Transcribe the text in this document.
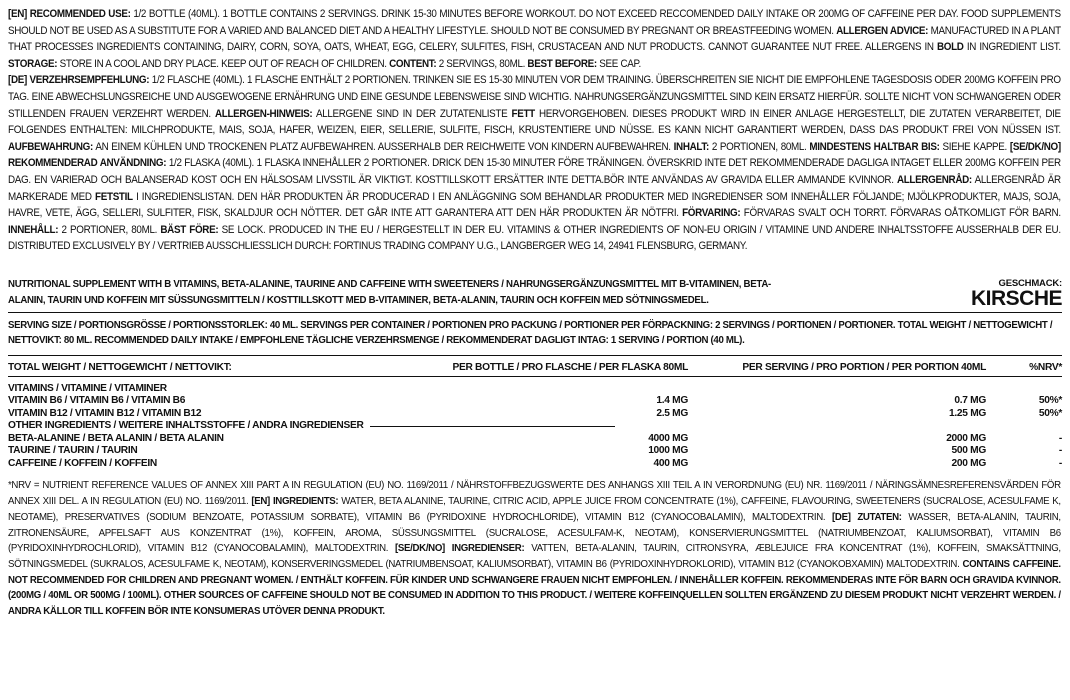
[EN] RECOMMENDED USE: 1/2 BOTTLE (40ML). 1 BOTTLE CONTAINS 2 SERVINGS. DRINK 15-30 MINUTES BEFORE WORKOUT. DO NOT EXCEED RECCOMENDED DAILY INTAKE OR 200MG OF CAFFEINE PER DAY. FOOD SUPPLEMENTS SHOULD NOT BE USED AS A SUBSTITUTE FOR A VARIED AND BALANCED DIET AND A HEALTHY LIFESTYLE. SHOULD NOT BE CONSUMED BY PREGNANT OR BREASTFEEDING WOMEN. ALLERGEN ADVICE: MANUFACTURED IN A PLANT THAT PROCESSES INGREDIENTS CONTAINING, DAIRY, CORN, SOYA, OATS, WHEAT, EGG, CELERY, SULFITES, FISH, CRUSTACEAN AND NUT PRODUCTS. CANNOT GUARANTEE NUT FREE. ALLERGENS IN BOLD IN INGREDIENT LIST. STORAGE: STORE IN A COOL AND DRY PLACE. KEEP OUT OF REACH OF CHILDREN. CONTENT: 2 SERVINGS, 80ML. BEST BEFORE: SEE CAP.
[DE] VERZEHRSEMPFEHLUNG: 1/2 FLASCHE (40ML). 1 FLASCHE ENTHÄLT 2 PORTIONEN. TRINKEN SIE ES 15-30 MINUTEN VOR DEM TRAINING. ÜBERSCHREITEN SIE NICHT DIE EMPFOHLENE TAGESDOSIS ODER 200MG KOFFEIN PRO TAG. EINE ABWECHSLUNGSREICHE UND AUSGEWOGENE ERNÄHRUNG UND EINE GESUNDE LEBENSWEISE SIND WICHTIG. NAHRUNGSERGÄNZUNGSMITTEL SIND KEIN ERSATZ HIERFÜR. SOLLTE NICHT VON SCHWANGEREN ODER STILLENDEN FRAUEN VERZEHRT WERDEN. ALLERGEN-HINWEIS: ALLERGENE SIND IN DER ZUTATENLISTE FETT HERVORGEHOBEN. DIESES PRODUKT WIRD IN EINER ANLAGE HERGESTELLT, DIE ZUTATEN VERARBEITET, DIE FOLGENDES ENTHALTEN: MILCHPRODUKTE, MAIS, SOJA, HAFER, WEIZEN, EIER, SELLERIE, SULFITE, FISCH, KRUSTENTIERE UND NÜSSE. ES KANN NICHT GARANTIERT WERDEN, DASS DAS PRODUKT FREI VON NÜSSEN IST. AUFBEWAHRUNG: AN EINEM KÜHLEN UND TROCKENEN PLATZ AUFBEWAHREN. AUSSERHALB DER REICHWEITE VON KINDERN AUFBEWAHREN. INHALT: 2 PORTIONEN, 80ML. MINDESTENS HALTBAR BIS: SIEHE KAPPE. [SE/DK/NO] REKOMMENDERAD ANVÄNDNING: 1/2 FLASKA (40ML). 1 FLASKA INNEHÅLLER 2 PORTIONER. DRICK DEN 15-30 MINUTER FÖRE TRÄNINGEN. ÖVERSKRID INTE DET REKOMMENDERADE DAGLIGA INTAGET ELLER 200MG KOFFEIN PER DAG. EN VARIERAD OCH BALANSERAD KOST OCH EN HÄLSOSAM LIVSSTIL ÄR VIKTIGT. KOSTTILLSKOTT ERSÄTTER INTE DETTA.BÖR INTE ANVÄNDAS AV GRAVIDA ELLER AMMANDE KVINNOR. ALLERGENRÅD: ALLERGENRÅD ÄR MARKERADE MED FETSTIL I INGREDIENSLISTAN. DEN HÄR PRODUKTEN ÄR PRODUCERAD I EN ANLÄGGNING SOM BEHANDLAR PRODUKTER MED INGREDIENSER SOM INNEHÅLLER FÖLJANDE; MJÖLKPRODUKTER, MAJS, SOJA, HAVRE, VETE, ÄGG, SELLERI, SULFITER, FISK, SKALDJUR OCH NÖTTER. DET GÅR INTE ATT GARANTERA ATT DEN HÄR PRODUKTEN ÄR NÖTFRI. FÖRVARING: FÖRVARAS SVALT OCH TORRT. FÖRVARAS OÅTKOMLIGT FÖR BARN. INNEHÅLL: 2 PORTIONER, 80ML. BÄST FÖRE: SE LOCK. PRODUCED IN THE EU / HERGESTELLT IN DER EU. VITAMINS & OTHER INGREDIENTS OF NON-EU ORIGIN / VITAMINE UND ANDERE INHALTSSTOFFE AUSSERHALB DER EU. DISTRIBUTED EXCLUSIVELY BY / VERTRIEB AUSSCHLIESSLICH DURCH: FORTINUS TRADING COMPANY U.G., LANGBERGER WEG 14, 24941 FLENSBURG, GERMANY.
NUTRITIONAL SUPPLEMENT WITH B VITAMINS, BETA-ALANINE, TAURINE AND CAFFEINE WITH SWEETENERS / NAHRUNGSERGÄNZUNGSMITTEL MIT B-VITAMINEN, BETA-ALANIN, TAURIN UND KOFFEIN MIT SÜSSUNGSMITTELN / KOSTTILLSKOTT MED B-VITAMINER, BETA-ALANIN, TAURIN OCH KOFFEIN MED SÖTNINGSMEDEL.
GESCHMACK:
KIRSCHE
SERVING SIZE / PORTIONSGRÖSSE / PORTIONSSTORLEK: 40 ML. SERVINGS PER CONTAINER / PORTIONEN PRO PACKUNG / PORTIONER PER FÖRPACKNING: 2 SERVINGS / PORTIONEN / PORTIONER. TOTAL WEIGHT / NETTOGEWICHT / NETTOVIKT: 80 ML. RECOMMENDED DAILY INTAKE / EMPFOHLENE TÄGLICHE VERZEHRSMENGE / REKOMMENDERAT DAGLIGT INTAG: 1 SERVING / PORTION (40 ML).
TOTAL WEIGHT / NETTOGEWICHT / NETTOVIKT:	PER BOTTLE / PRO FLASCHE / PER FLASKA 80ML	PER SERVING / PRO PORTION / PER PORTION 40ML	%NRV*
VITAMINS / VITAMINE / VITAMINER
VITAMIN B6 / VITAMIN B6 / VITAMIN B6	1.4 MG	0.7 MG	50%*
VITAMIN B12 / VITAMIN B12 / VITAMIN B12	2.5 ΜG	1.25 ΜG	50%*
OTHER INGREDIENTS / WEITERE INHALTSSTOFFE / ANDRA INGREDIENSER
BETA-ALANINE / BETA ALANIN / BETA ALANIN	4000 MG	2000 MG	-
TAURINE / TAURIN / TAURIN	1000 MG	500 MG	-
CAFFEINE / KOFFEIN / KOFFEIN	400 MG	200 MG	-
*NRV = NUTRIENT REFERENCE VALUES OF ANNEX XIII PART A IN REGULATION (EU) NO. 1169/2011 / NÄHRSTOFFBEZUGSWERTE DES ANHANGS XIII TEIL A IN VERORDNUNG (EU) NR. 1169/2011 / NÄRINGSÄMNESREFERENSVÄRDEN FÖR ANNEX XIII DEL. A IN REGULATION (EU) NO. 1169/2011. [EN] INGREDIENTS: WATER, BETA ALANINE, TAURINE, CITRIC ACID, APPLE JUICE FROM CONCENTRATE (1%), CAFFEINE, FLAVOURING, SWEETENERS (SUCRALOSE, ACESULFAME K, NEOTAME), PRESERVATIVES (SODIUM BENZOATE, POTASSIUM SORBATE), VITAMIN B6 (PYRIDOXINE HYDROCHLORIDE), VITAMIN B12 (CYANOCOBALAMIN), MALTODEXTRIN. [DE] ZUTATEN: WASSER, BETA-ALANIN, TAURIN, ZITRONENSÄURE, APFELSAFT AUS KONZENTRAT (1%), KOFFEIN, AROMA, SÜSSUNGSMITTEL (SUCRALOSE, ACESULFAM-K, NEOTAM), KONSERVIERUNGSMITTEL (NATRIUMBENZOAT, KALIUMSORBAT), VITAMIN B6 (PYRIDOXINHYDROCHLORID), VITAMIN B12 (CYANOCOBALAMIN), MALTODEXTRIN. [SE/DK/NO] INGREDIENSER: VATTEN, BETA-ALANIN, TAURIN, CITRONSYRA, ÆBLEJUICE FRA KONCENTRAT (1%), KOFFEIN, SMAKSÄTTNING, SÖTNINGSMEDEL (SUKRALOS, ACESULFAME K, NEOTAM), KONSERVERINGSMEDEL (NATRIUMBENSOAT, KALIUMSORBAT), VITAMIN B6 (PYRIDOXINHYDROKLORID), VITAMIN B12 (CYANOKOBXAMIN) MALTODEXTRIN. CONTAINS CAFFEINE. NOT RECOMMENDED FOR CHILDREN AND PREGNANT WOMEN. / ENTHÄLT KOFFEIN. FÜR KINDER UND SCHWANGERE FRAUEN NICHT EMPFOHLEN. / INNEHÅLLER KOFFEIN. REKOMMENDERAS INTE FÖR BARN OCH GRAVIDA KVINNOR. (200MG / 40ML OR 500MG / 100ML). OTHER SOURCES OF CAFFEINE SHOULD NOT BE CONSUMED IN ADDITION TO THIS PRODUCT. / WEITERE KOFFEINQUELLEN SOLLTEN ERGÄNZEND ZU DIESEM PRODUKT NICHT VERZEHRT WERDEN. / ANDRA KÄLLOR TILL KOFFEIN BÖR INTE KONSUMERAS UTÖVER DENNA PRODUKT.
